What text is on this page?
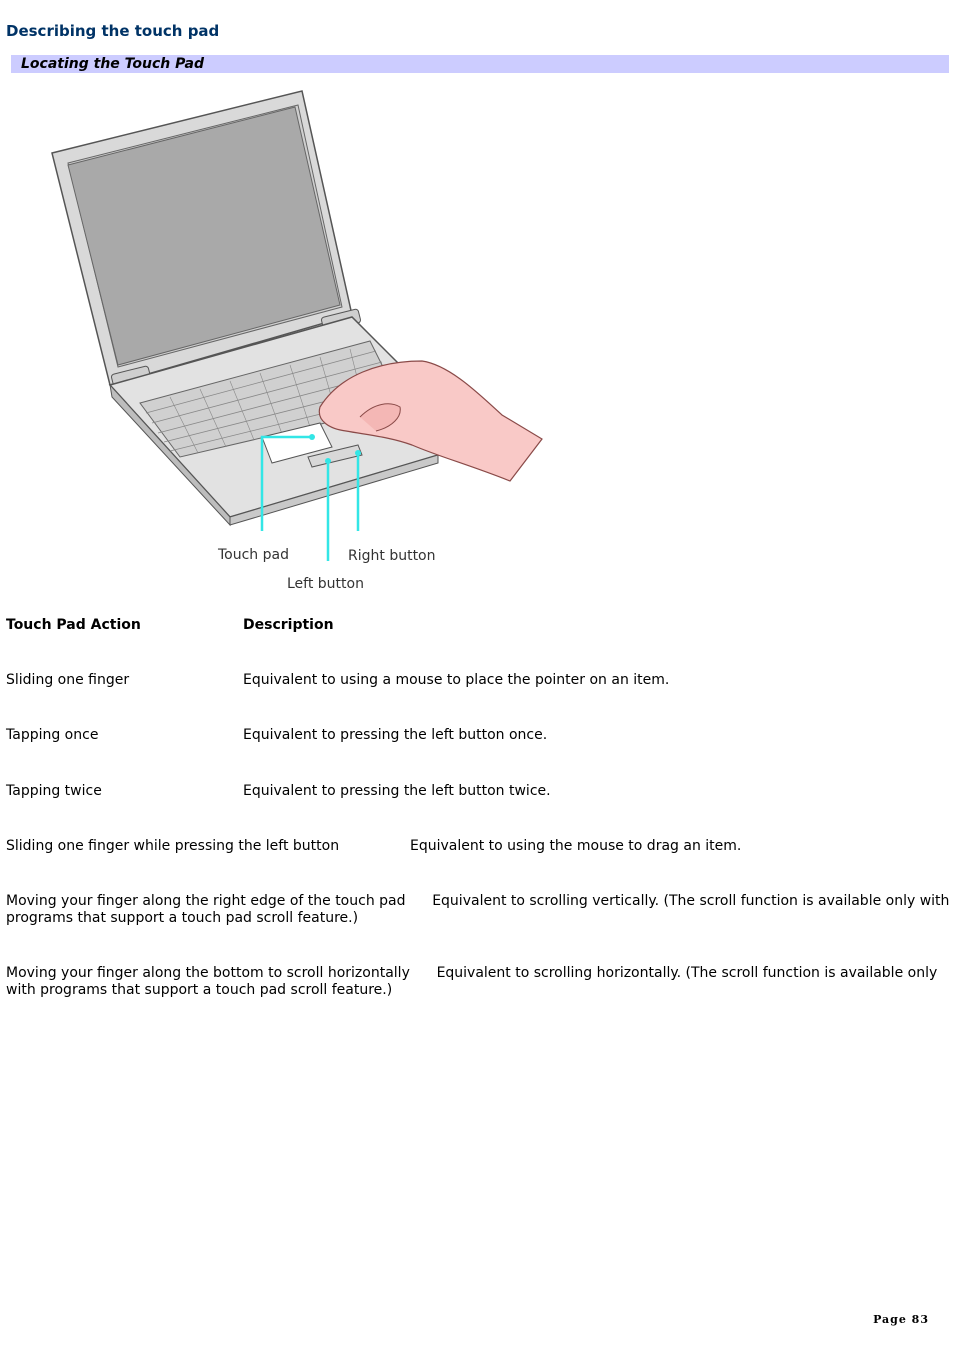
Describing the touch pad
Locating the Touch Pad
Touch pad	Right button
Left button
Touch Pad Action	Description
Sliding one finger	Equivalent to using a mouse to place the pointer on an item.
Tapping once	Equivalent to pressing the left button once.
Tapping twice	Equivalent to pressing the left button twice.
Sliding one finger while pressing the left button	Equivalent to using the mouse to drag an item.
Moving your finger along the right edge of the touch pad Equivalent to scrolling vertically. (The scroll function is available only with programs that support a touch pad scroll feature.)
Moving your finger along the bottom to scroll horizontally Equivalent to scrolling horizontally. (The scroll function is available only with programs that support a touch pad scroll feature.)
Page 83
